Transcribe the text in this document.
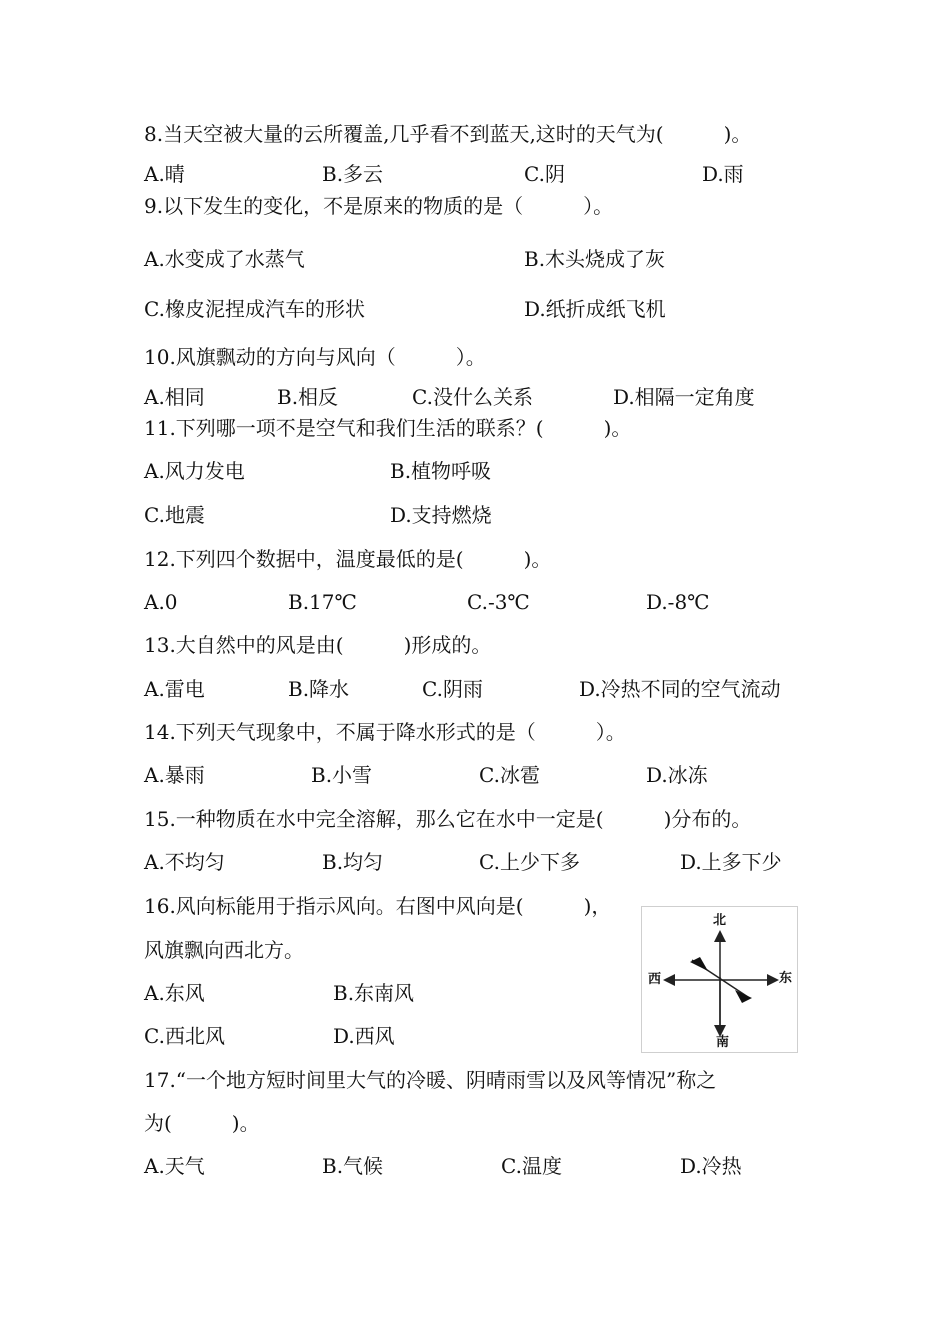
8.当天空被大量的云所覆盖,几乎看不到蓝天,这时的天气为(　　　)。
A.晴	B.多云	C.阴	D.雨
9.以下发生的变化，不是原来的物质的是（　　　）。
A.水变成了水蒸气	B.木头烧成了灰
C.橡皮泥捏成汽车的形状	D.纸折成纸飞机
10.风旗飘动的方向与风向（　　　）。
A.相同	B.相反	C.没什么关系	D.相隔一定角度
11.下列哪一项不是空气和我们生活的联系？(　　　)。
A.风力发电	B.植物呼吸
C.地震	D.支持燃烧
12.下列四个数据中，温度最低的是(　　　)。
A.0	B.17℃	C.-3℃	D.-8℃
13.大自然中的风是由(　　　)形成的。
A.雷电	B.降水	C.阴雨	D.冷热不同的空气流动
14.下列天气现象中，不属于降水形式的是（　　　）。
A.暴雨	B.小雪	C.冰雹	D.冰冻
15.一种物质在水中完全溶解，那么它在水中一定是(　　　)分布的。
A.不均匀	B.均匀	C.上少下多	D.上多下少
16.风向标能用于指示风向。右图中风向是(　　　)，
风旗飘向西北方。
A.东风	B.东南风
C.西北风	D.西风
北
南
东
西
17.“一个地方短时间里大气的冷暖、阴晴雨雪以及风等情况”称之
为(　　　)。
A.天气	B.气候	C.温度	D.冷热
